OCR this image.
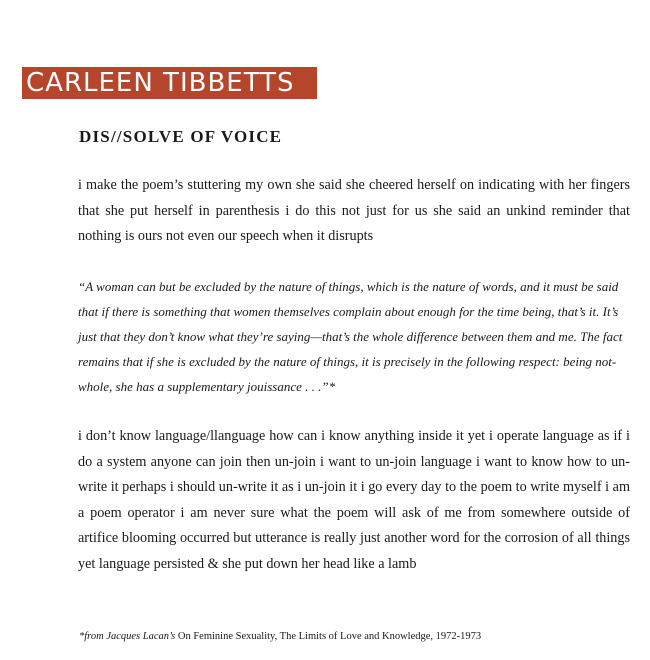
CARLEEN TIBBETTS
DIS//SOLVE OF VOICE

i make the poem’s stuttering my own she said she cheered herself on indicating with her fingers that she put herself in parenthesis i do this not just for us she said an unkind reminder that nothing is ours not even our speech when it disrupts

“A woman can but be excluded by the nature of things, which is the nature of words, and it must be said that if there is something that women themselves complain about enough for the time being, that’s it. It’s just that they don’t know what they’re saying—that’s the whole difference between them and me. The fact remains that if she is excluded by the nature of things, it is precisely in the following respect: being not-whole, she has a supplementary jouissance . . .”*

i don’t know language/llanguage how can i know anything inside it yet i operate language as if i do a system anyone can join then un-join i want to un-join language i want to know how to un-write it perhaps i should un-write it as i un-join it i go every day to the poem to write myself i am a poem operator i am never sure what the poem will ask of me from somewhere outside of artifice blooming occurred but utterance is really just another word for the corrosion of all things yet language persisted & she put down her head like a lamb

*from Jacques Lacan’s On Feminine Sexuality, The Limits of Love and Knowledge, 1972-1973
